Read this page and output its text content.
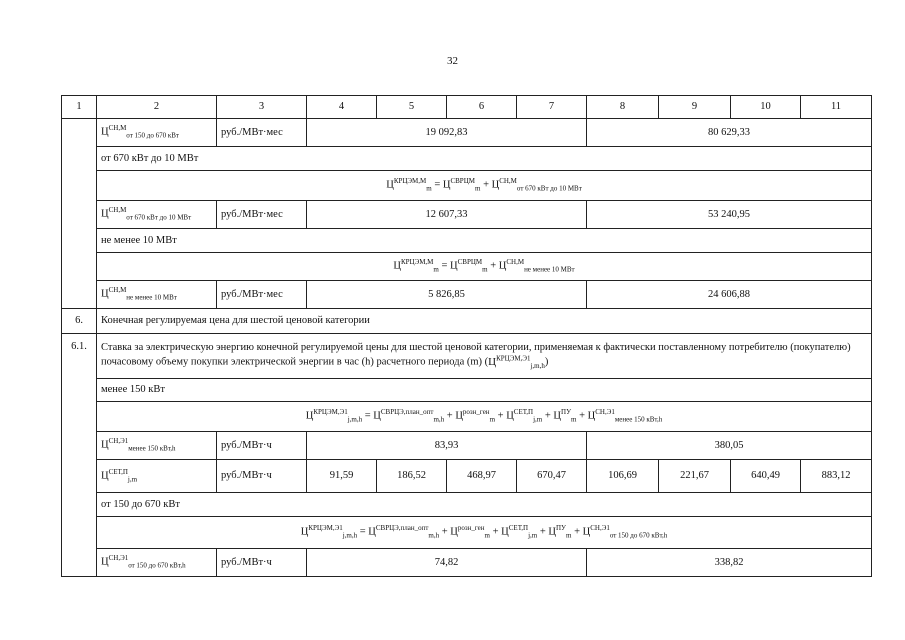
32
1	2	3	4	5	6	7	8	9	10	11
	$Ц^{СН,М}_{от 150 до 670 кВт}$	руб./МВт·мес	19 092,83				80 629,33			
	от 670 кВт до 10 МВт									
	$Ц^{КРЦЭМ,М}_m = Ц^{СВРЦМ}_m + Ц^{СН,М}_{от 670 кВт до 10 МВт}$
	$Ц^{СН,М}_{от 670 кВт до 10 МВт}$	руб./МВт·мес	12 607,33				53 240,95			
	не менее 10 МВт									
	$Ц^{КРЦЭМ,М}_m = Ц^{СВРЦМ}_m + Ц^{СН,М}_{не менее 10 МВт}$
	$Ц^{СН,М}_{не менее 10 МВт}$	руб./МВт·мес	5 826,85				24 606,88			
6.	Конечная регулируемая цена для шестой ценовой категории									
6.1.	Ставка за электрическую энергию конечной регулируемой цены для шестой ценовой категории, применяемая к фактически поставленному потребителю (покупателю) почасовому объему покупки электрической энергии в час (h) расчетного периода (m) $(Ц^{КРЦЭМ,Э1}_{j,m,h})$									
	менее 150 кВт									
	$Ц^{КРЦЭМ,Э1}_{j,m,h} = Ц^{СВРЦЭ,план\_опт}_{m,h} + Ц^{розн\_ген}_m + Ц^{СЕТ,П}_{j,m} + Ц^{ПУ}_m + Ц^{СН,Э1}_{менее 150 кВт,h}$
	$Ц^{СН,Э1}_{менее 150 кВт,h}$	руб./МВт·ч	83,93				380,05			
	$Ц^{СЕТ,П}_{j,m}$	руб./МВт·ч	91,59	186,52	468,97	670,47	106,69	221,67	640,49	883,12
	от 150 до 670 кВт									
	$Ц^{КРЦЭМ,Э1}_{j,m,h} = Ц^{СВРЦЭ,план\_опт}_{m,h} + Ц^{розн\_ген}_m + Ц^{СЕТ,П}_{j,m} + Ц^{ПУ}_m + Ц^{СН,Э1}_{от 150 до 670 кВт,h}$
	$Ц^{СН,Э1}_{от 150 до 670 кВт,h}$	руб./МВт·ч	74,82				338,82			
